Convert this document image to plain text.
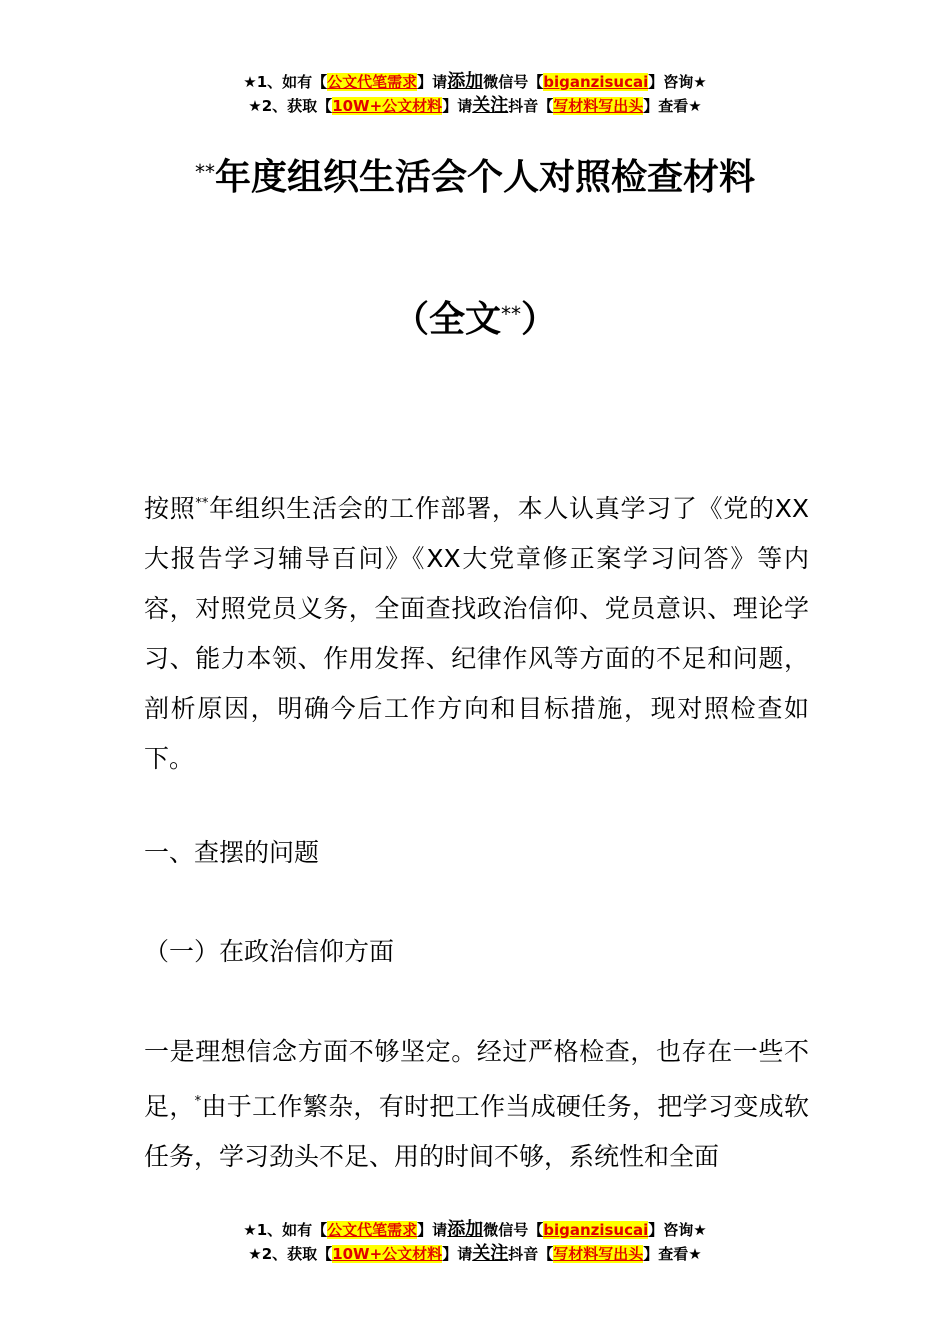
★1、如有【公文代笔需求】请添加微信号【biganzisucai】咨询★
★2、获取【10W+公文材料】请关注抖音【写材料写出头】查看★
**年度组织生活会个人对照检查材料
（全文**）

按照**年组织生活会的工作部署，本人认真学习了《党的XX大报告学习辅导百问》《XX大党章修正案学习问答》等内容，对照党员义务，全面查找政治信仰、党员意识、理论学习、能力本领、作用发挥、纪律作风等方面的不足和问题，剖析原因，明确今后工作方向和目标措施，现对照检查如下。

一、查摆的问题

（一）在政治信仰方面

一是理想信念方面不够坚定。经过严格检查，也存在一些不足，*由于工作繁杂，有时把工作当成硬任务，把学习变成软任务，学习劲头不足、用的时间不够，系统性和全面

★1、如有【公文代笔需求】请添加微信号【biganzisucai】咨询★
★2、获取【10W+公文材料】请关注抖音【写材料写出头】查看★
